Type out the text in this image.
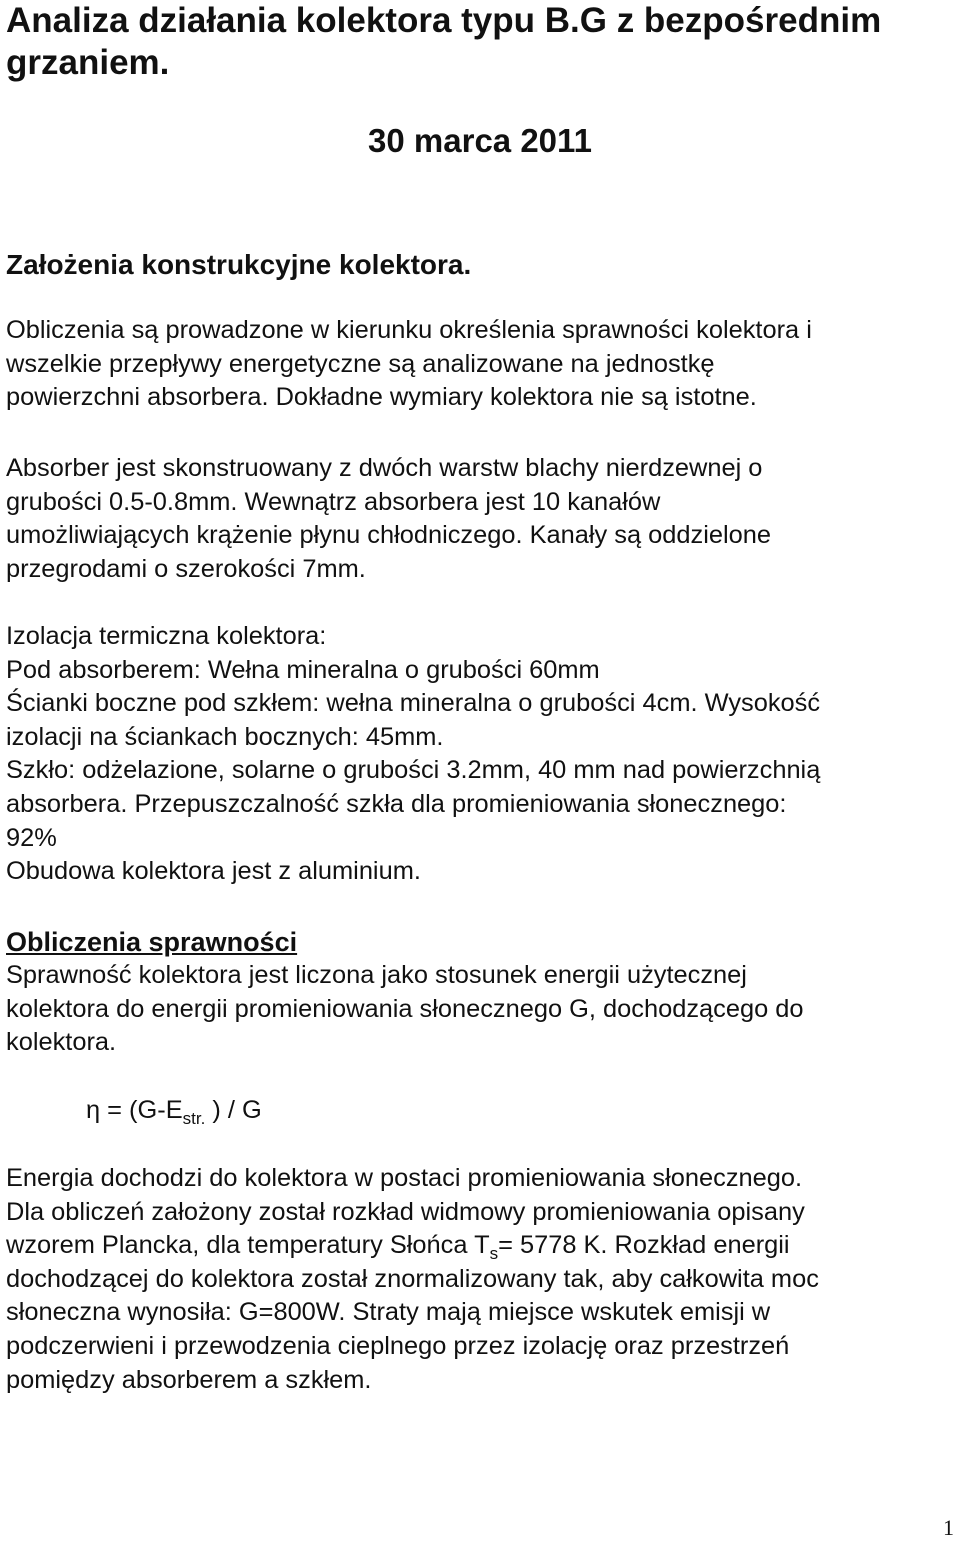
Analiza działania kolektora typu B.G z bezpośrednim grzaniem.
30 marca 2011
Założenia konstrukcyjne kolektora.
Obliczenia są prowadzone w kierunku określenia sprawności kolektora i
wszelkie przepływy energetyczne są analizowane na jednostkę
powierzchni absorbera. Dokładne wymiary kolektora nie są istotne.
Absorber jest skonstruowany z dwóch warstw blachy nierdzewnej o
grubości 0.5-0.8mm. Wewnątrz absorbera jest 10 kanałów
umożliwiających krążenie płynu chłodniczego. Kanały są oddzielone
przegrodami o szerokości 7mm.
Izolacja termiczna kolektora:
Pod absorberem: Wełna mineralna o grubości 60mm
Ścianki boczne pod szkłem: wełna mineralna o grubości 4cm. Wysokość
izolacji na ściankach bocznych: 45mm.
Szkło: odżelazione, solarne o grubości 3.2mm, 40 mm nad powierzchnią
absorbera. Przepuszczalność szkła dla promieniowania słonecznego:
92%
Obudowa kolektora jest z aluminium.
Obliczenia sprawności
Sprawność kolektora jest liczona jako stosunek energii użytecznej
kolektora do energii promieniowania słonecznego G, dochodzącego do
kolektora.
$\eta = (G-E_{str.}$ ) / G
Energia dochodzi do kolektora w postaci promieniowania słonecznego.
Dla obliczeń założony został rozkład widmowy promieniowania opisany
wzorem Plancka, dla temperatury Słońca $T_s= 5778$ K. Rozkład energii
dochodzącej do kolektora został znormalizowany tak, aby całkowita moc
słoneczna wynosiła: G=800W. Straty mają miejsce wskutek emisji w
podczerwieni i przewodzenia cieplnego przez izolację oraz przestrzeń
pomiędzy absorberem a szkłem.
1
